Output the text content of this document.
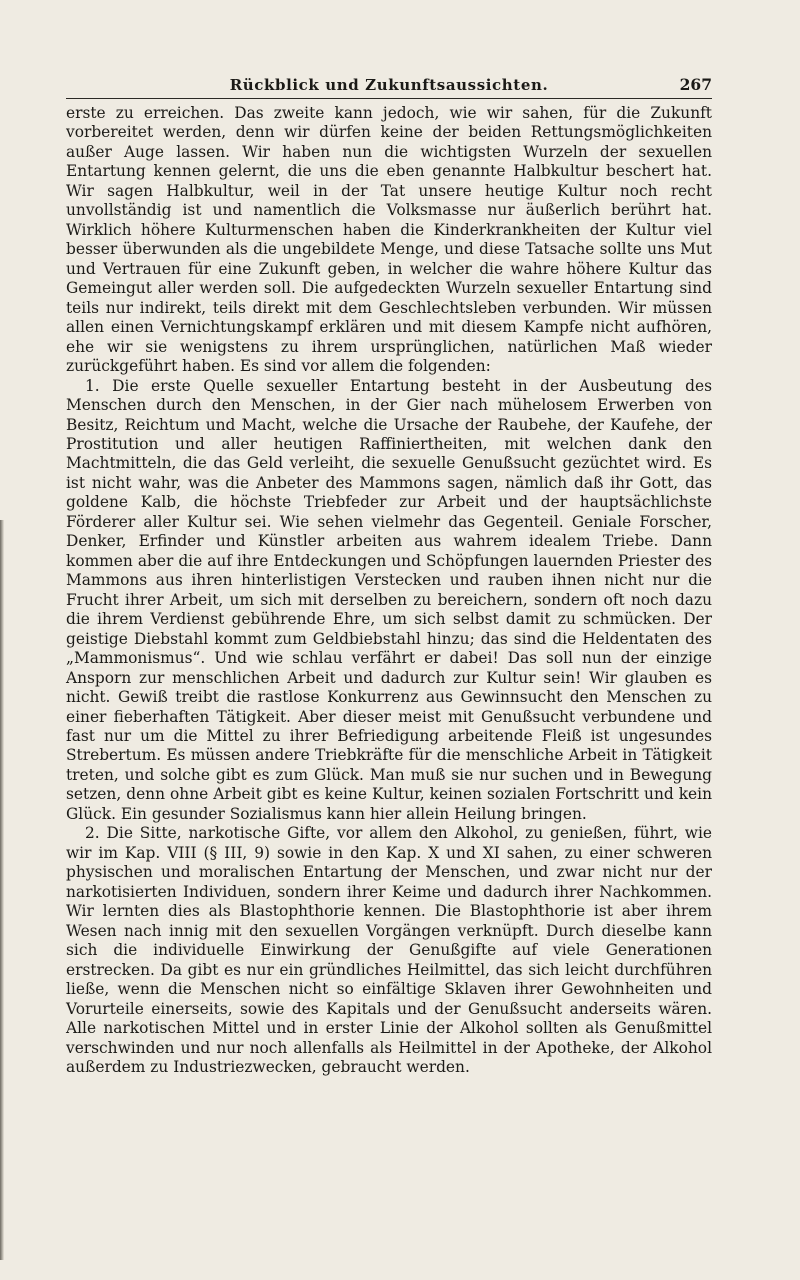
Rückblick und Zukunftsaussichten.	267

erste zu erreichen. Das zweite kann jedoch, wie wir sahen, für die Zukunft vorbereitet werden, denn wir dürfen keine der beiden Rettungsmöglichkeiten außer Auge lassen. Wir haben nun die wichtigsten Wurzeln der sexuellen Entartung kennen gelernt, die uns die eben genannte Halbkultur beschert hat. Wir sagen Halbkultur, weil in der Tat unsere heutige Kultur noch recht unvollständig ist und namentlich die Volksmasse nur äußerlich berührt hat. Wirklich höhere Kulturmenschen haben die Kinderkrankheiten der Kultur viel besser überwunden als die ungebildete Menge, und diese Tatsache sollte uns Mut und Vertrauen für eine Zukunft geben, in welcher die wahre höhere Kultur das Gemeingut aller werden soll. Die aufgedeckten Wurzeln sexueller Entartung sind teils nur indirekt, teils direkt mit dem Geschlechtsleben verbunden. Wir müssen allen einen Vernichtungskampf erklären und mit diesem Kampfe nicht aufhören, ehe wir sie wenigstens zu ihrem ursprünglichen, natürlichen Maß wieder zurückgeführt haben. Es sind vor allem die folgenden:

1. Die erste Quelle sexueller Entartung besteht in der Ausbeutung des Menschen durch den Menschen, in der Gier nach mühelosem Erwerben von Besitz, Reichtum und Macht, welche die Ursache der Raubehe, der Kaufehe, der Prostitution und aller heutigen Raffiniertheiten, mit welchen dank den Machtmitteln, die das Geld verleiht, die sexuelle Genußsucht gezüchtet wird. Es ist nicht wahr, was die Anbeter des Mammons sagen, nämlich daß ihr Gott, das goldene Kalb, die höchste Triebfeder zur Arbeit und der hauptsächlichste Förderer aller Kultur sei. Wie sehen vielmehr das Gegenteil. Geniale Forscher, Denker, Erfinder und Künstler arbeiten aus wahrem idealem Triebe. Dann kommen aber die auf ihre Entdeckungen und Schöpfungen lauernden Priester des Mammons aus ihren hinterlistigen Verstecken und rauben ihnen nicht nur die Frucht ihrer Arbeit, um sich mit derselben zu bereichern, sondern oft noch dazu die ihrem Verdienst gebührende Ehre, um sich selbst damit zu schmücken. Der geistige Diebstahl kommt zum Geldbiebstahl hinzu; das sind die Heldentaten des „Mammonismus“. Und wie schlau verfährt er dabei! Das soll nun der einzige Ansporn zur menschlichen Arbeit und dadurch zur Kultur sein! Wir glauben es nicht. Gewiß treibt die rastlose Konkurrenz aus Gewinnsucht den Menschen zu einer fieberhaften Tätigkeit. Aber dieser meist mit Genußsucht verbundene und fast nur um die Mittel zu ihrer Befriedigung arbeitende Fleiß ist ungesundes Strebertum. Es müssen andere Triebkräfte für die menschliche Arbeit in Tätigkeit treten, und solche gibt es zum Glück. Man muß sie nur suchen und in Bewegung setzen, denn ohne Arbeit gibt es keine Kultur, keinen sozialen Fortschritt und kein Glück. Ein gesunder Sozialismus kann hier allein Heilung bringen.

2. Die Sitte, narkotische Gifte, vor allem den Alkohol, zu genießen, führt, wie wir im Kap. VIII (§ III, 9) sowie in den Kap. X und XI sahen, zu einer schweren physischen und moralischen Entartung der Menschen, und zwar nicht nur der narkotisierten Individuen, sondern ihrer Keime und dadurch ihrer Nachkommen. Wir lernten dies als Blastophthorie kennen. Die Blastophthorie ist aber ihrem Wesen nach innig mit den sexuellen Vorgängen verknüpft. Durch dieselbe kann sich die individuelle Einwirkung der Genußgifte auf viele Generationen erstrecken. Da gibt es nur ein gründliches Heilmittel, das sich leicht durchführen ließe, wenn die Menschen nicht so einfältige Sklaven ihrer Gewohnheiten und Vorurteile einerseits, sowie des Kapitals und der Genußsucht anderseits wären. Alle narkotischen Mittel und in erster Linie der Alkohol sollten als Genußmittel verschwinden und nur noch allenfalls als Heilmittel in der Apotheke, der Alkohol außerdem zu Industriezwecken, gebraucht werden.
